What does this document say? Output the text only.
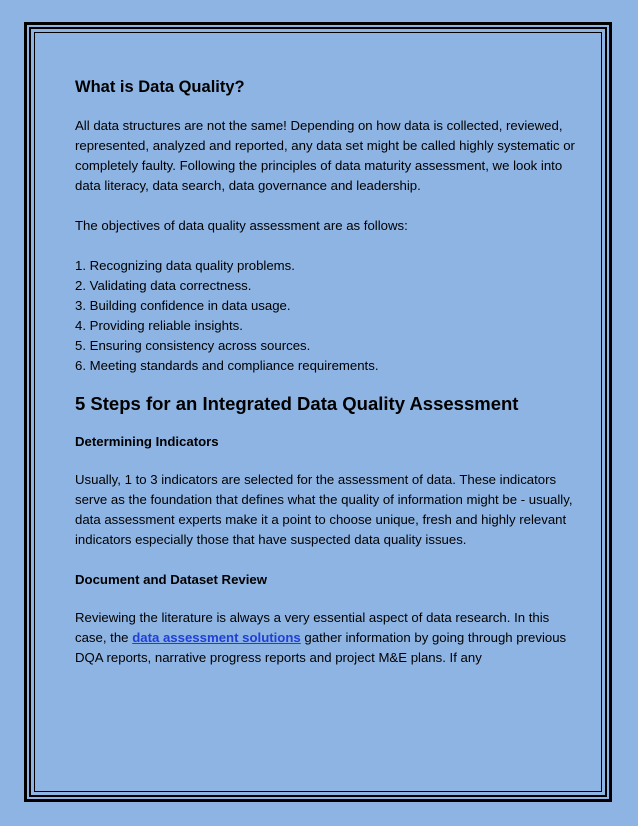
What is Data Quality?

All data structures are not the same! Depending on how data is collected, reviewed, represented, analyzed and reported, any data set might be called highly systematic or completely faulty. Following the principles of data maturity assessment, we look into data literacy, data search, data governance and leadership.

The objectives of data quality assessment are as follows:

1. Recognizing data quality problems.
2. Validating data correctness.
3. Building confidence in data usage.
4. Providing reliable insights.
5. Ensuring consistency across sources.
6. Meeting standards and compliance requirements.
5 Steps for an Integrated Data Quality Assessment
Determining Indicators

Usually, 1 to 3 indicators are selected for the assessment of data. These indicators serve as the foundation that defines what the quality of information might be - usually, data assessment experts make it a point to choose unique, fresh and highly relevant indicators especially those that have suspected data quality issues.

Document and Dataset Review

Reviewing the literature is always a very essential aspect of data research. In this case, the data assessment solutions gather information by going through previous DQA reports, narrative progress reports and project M&E plans. If any
